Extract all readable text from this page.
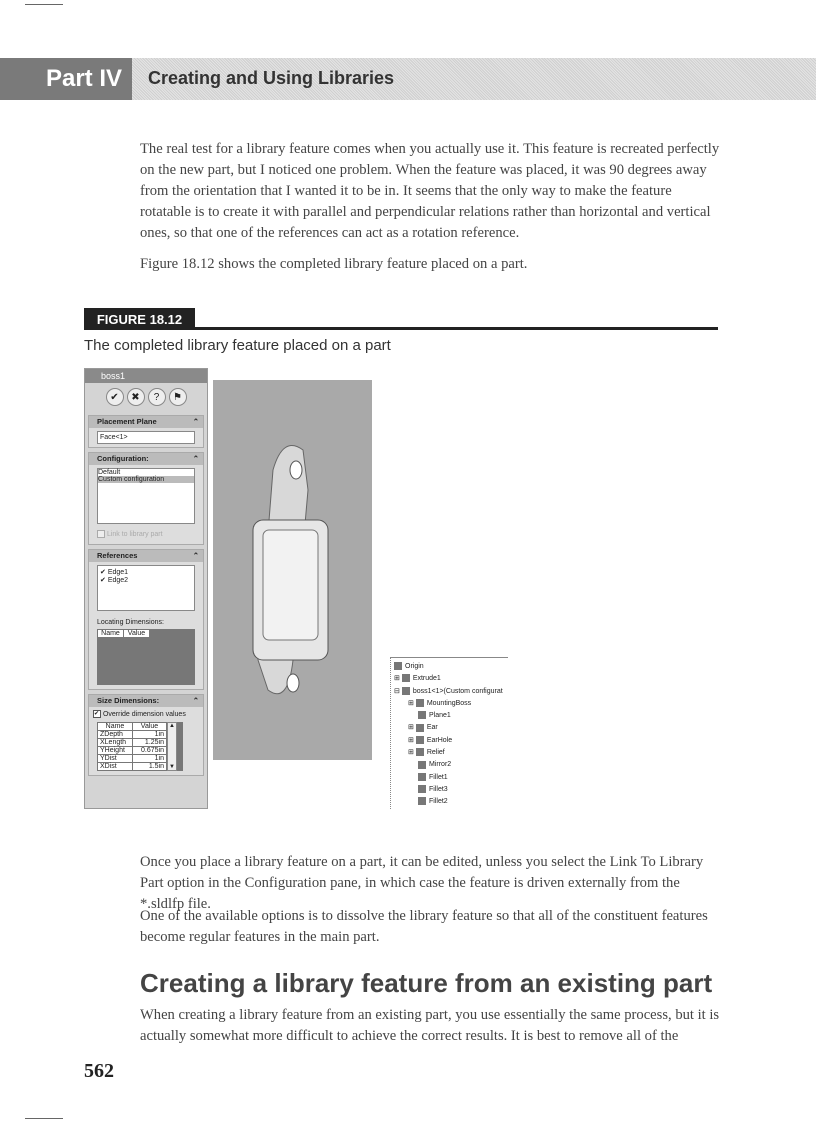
Part IV	Creating and Using Libraries

The real test for a library feature comes when you actually use it. This feature is recreated perfectly on the new part, but I noticed one problem. When the feature was placed, it was 90 degrees away from the orientation that I wanted it to be in. It seems that the only way to make the feature rotatable is to create it with parallel and perpendicular relations rather than horizontal and vertical ones, so that one of the references can act as a rotation reference.

Figure 18.12 shows the completed library feature placed on a part.

FIGURE 18.12
The completed library feature placed on a part
boss1
✔	✖	?	⚑
Placement Plane	⌃
Face<1>
Configuration:	⌃
Default
Custom configuration
Link to library part
References	⌃
✔ Edge1
✔ Edge2
Locating Dimensions:
Name	Value
Size Dimensions:	⌃
✔ Override dimension values
Name	Value
ZDepth	1in
XLength	1.25in
YHeight	0.675in
YDist	1in
XDist	1.5in
▲
▼
Origin
⊞ Extrude1
⊟ boss1<1>(Custom configurat
⊞ MountingBoss
Plane1
⊞ Ear
⊞ EarHole
⊞ Relief
Mirror2
Fillet1
Fillet3
Fillet2

Once you place a library feature on a part, it can be edited, unless you select the Link To Library Part option in the Configuration pane, in which case the feature is driven externally from the *.sldlfp file.

One of the available options is to dissolve the library feature so that all of the constituent features become regular features in the main part.

Creating a library feature from an existing part

When creating a library feature from an existing part, you use essentially the same process, but it is actually somewhat more difficult to achieve the correct results. It is best to remove all of the

562
